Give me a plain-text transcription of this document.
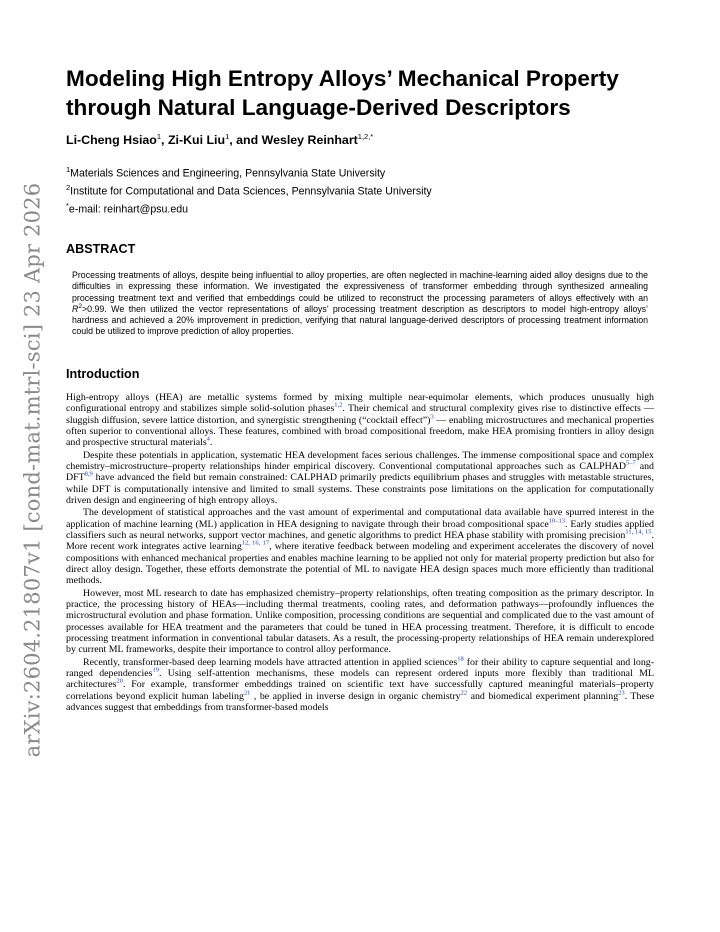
arXiv:2604.21807v1 [cond-mat.mtrl-sci] 23 Apr 2026
Modeling High Entropy Alloys’ Mechanical Property through Natural Language-Derived Descriptors
Li-Cheng Hsiao$^1$, Zi-Kui Liu$^1$, and Wesley Reinhart$^{1,2,*}$
$^1$Materials Sciences and Engineering, Pennsylvania State University
$^2$Institute for Computational and Data Sciences, Pennsylvania State University
*e-mail: reinhart@psu.edu
ABSTRACT
Processing treatments of alloys, despite being influential to alloy properties, are often neglected in machine-learning aided alloy designs due to the difficulties in expressing these information. We investigated the expressiveness of transformer embedding through synthesized annealing processing treatment text and verified that embeddings could be utilized to reconstruct the processing parameters of alloys effectively with an $R^2>0.99$. We then utilized the vector representations of alloys’ processing treatment description as descriptors to model high-entropy alloys’ hardness and achieved a 20% improvement in prediction, verifying that natural language-derived descriptors of processing treatment information could be utilized to improve prediction of alloy properties.
Introduction

High-entropy alloys (HEA) are metallic systems formed by mixing multiple near-equimolar elements, which produces unusually high configurational entropy and stabilizes simple solid-solution phases$^{1,2}$. Their chemical and structural complexity gives rise to distinctive effects — sluggish diffusion, severe lattice distortion, and synergistic strengthening (“cocktail effect”)$^3$ — enabling microstructures and mechanical properties often superior to conventional alloys. These features, combined with broad compositional freedom, make HEA promising frontiers in alloy design and prospective structural materials$^4$.

Despite these potentials in application, systematic HEA development faces serious challenges. The immense compositional space and complex chemistry–microstructure–property relationships hinder empirical discovery. Conventional computational approaches such as CALPHAD$^{5-7}$ and DFT$^{8,9}$ have advanced the field but remain constrained: CALPHAD primarily predicts equilibrium phases and struggles with metastable structures, while DFT is computationally intensive and limited to small systems. These constraints pose limitations on the application for computationally driven design and engineering of high entropy alloys.

The development of statistical approaches and the vast amount of experimental and computational data available have spurred interest in the application of machine learning (ML) application in HEA designing to navigate through their broad compositional space$^{10-13}$. Early studies applied classifiers such as neural networks, support vector machines, and genetic algorithms to predict HEA phase stability with promising precision$^{11, 14, 15}$. More recent work integrates active learning$^{12, 16, 17}$, where iterative feedback between modeling and experiment accelerates the discovery of novel compositions with enhanced mechanical properties and enables machine learning to be applied not only for material property prediction but also for direct alloy design. Together, these efforts demonstrate the potential of ML to navigate HEA design spaces much more efficiently than traditional methods.

However, most ML research to date has emphasized chemistry–property relationships, often treating composition as the primary descriptor. In practice, the processing history of HEAs—including thermal treatments, cooling rates, and deformation pathways—profoundly influences the microstructural evolution and phase formation. Unlike composition, processing conditions are sequential and complicated due to the vast amount of processes available for HEA treatment and the parameters that could be tuned in HEA processing treatment. Therefore, it is difficult to encode processing treatment information in conventional tabular datasets. As a result, the processing-property relationships of HEA remain underexplored by current ML frameworks, despite their importance to control alloy performance.

Recently, transformer-based deep learning models have attracted attention in applied sciences$^{18}$ for their ability to capture sequential and long-ranged dependencies$^{19}$. Using self-attention mechanisms, these models can represent ordered inputs more flexibly than traditional ML architectures$^{20}$. For example, transformer embeddings trained on scientific text have successfully captured meaningful materials–property correlations beyond explicit human labeling$^{21}$ , be applied in inverse design in organic chemistry$^{22}$ and biomedical experiment planning$^{23}$. These advances suggest that embeddings from transformer-based models
